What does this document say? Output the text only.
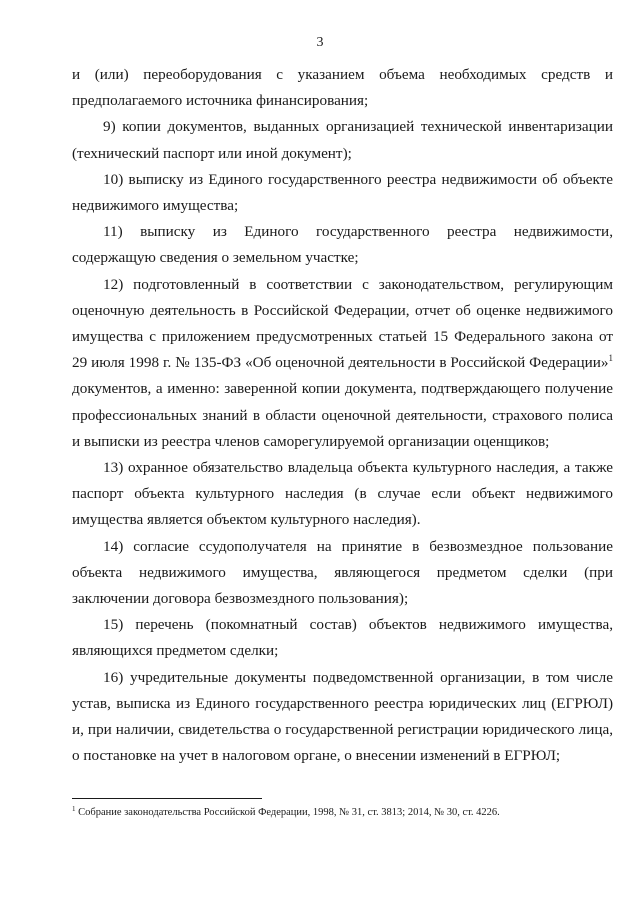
3

и (или) переоборудования с указанием объема необходимых средств и предполагаемого источника финансирования;

9) копии документов, выданных организацией технической инвентаризации (технический паспорт или иной документ);

10) выписку из Единого государственного реестра недвижимости об объекте недвижимого имущества;

11) выписку из Единого государственного реестра недвижимости, содержащую сведения о земельном участке;

12) подготовленный в соответствии с законодательством, регулирующим оценочную деятельность в Российской Федерации, отчет об оценке недвижимого имущества с приложением предусмотренных статьей 15 Федерального закона от 29 июля 1998 г. № 135-ФЗ «Об оценочной деятельности в Российской Федерации»$^1$ документов, а именно: заверенной копии документа, подтверждающего получение профессиональных знаний в области оценочной деятельности, страхового полиса и выписки из реестра членов саморегулируемой организации оценщиков;

13) охранное обязательство владельца объекта культурного наследия, а также паспорт объекта культурного наследия (в случае если объект недвижимого имущества является объектом культурного наследия).

14) согласие ссудополучателя на принятие в безвозмездное пользование объекта недвижимого имущества, являющегося предметом сделки (при заключении договора безвозмездного пользования);

15) перечень (покомнатный состав) объектов недвижимого имущества, являющихся предметом сделки;

16) учредительные документы подведомственной организации, в том числе устав, выписка из Единого государственного реестра юридических лиц (ЕГРЮЛ) и, при наличии, свидетельства о государственной регистрации юридического лица, о постановке на учет в налоговом органе, о внесении изменений в ЕГРЮЛ;

$^1$ Собрание законодательства Российской Федерации, 1998, № 31, ст. 3813; 2014, № 30, ст. 4226.
